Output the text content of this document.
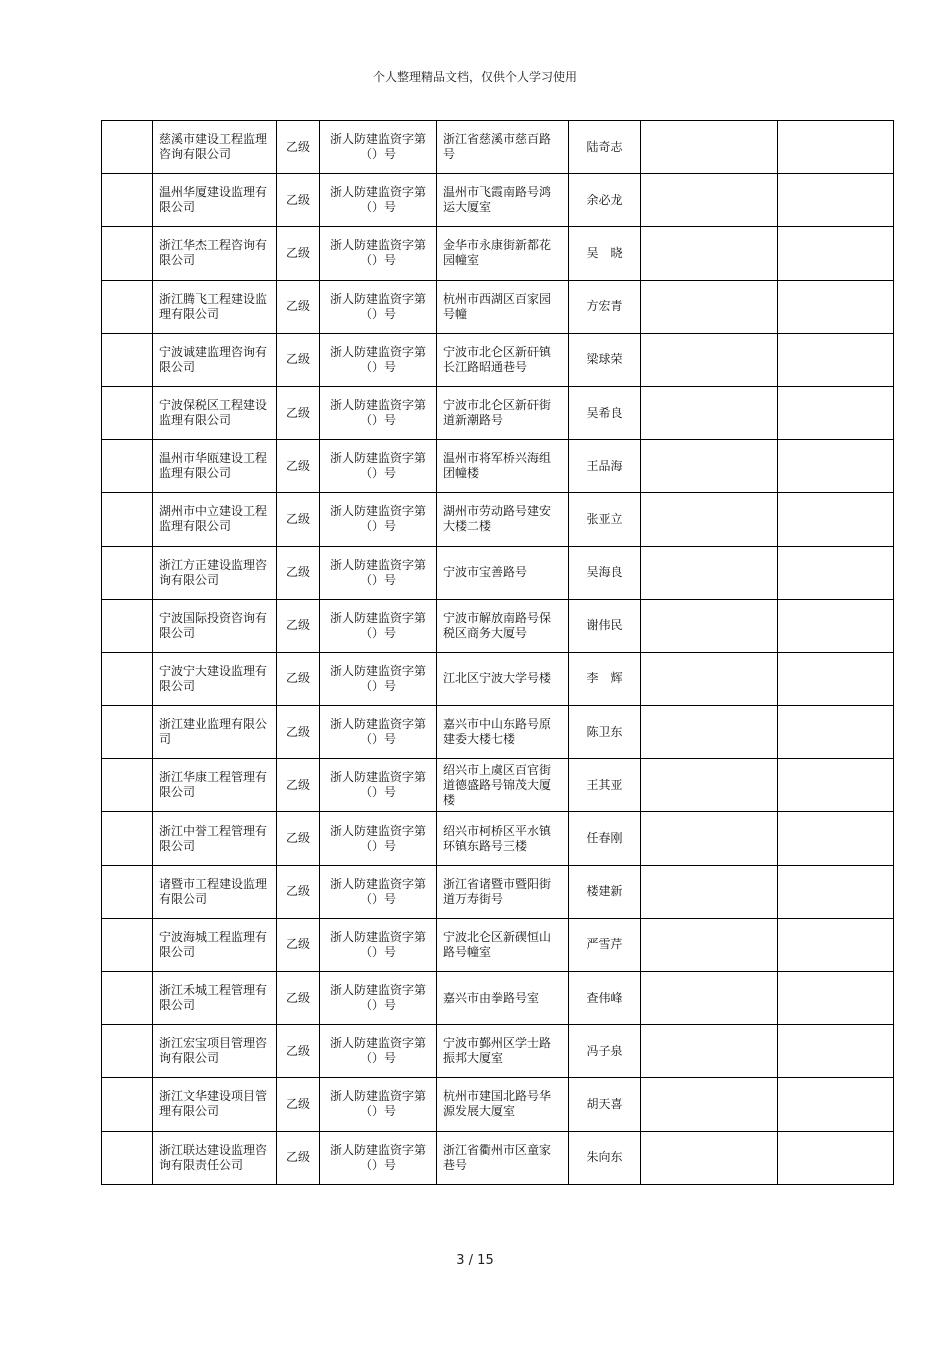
个人整理精品文档，仅供个人学习使用
	慈溪市建设工程监理咨询有限公司	乙级	浙人防建监资字第（）号	浙江省慈溪市慈百路号	陆奇志		
	温州华厦建设监理有限公司	乙级	浙人防建监资字第（）号	温州市飞霞南路号鸿运大厦室	余必龙		
	浙江华杰工程咨询有限公司	乙级	浙人防建监资字第（）号	金华市永康街新都花园幢室	吴　晓		
	浙江腾飞工程建设监理有限公司	乙级	浙人防建监资字第（）号	杭州市西湖区百家园号幢	方宏青		
	宁波诚建监理咨询有限公司	乙级	浙人防建监资字第（）号	宁波市北仑区新矸镇长江路昭通巷号	梁球荣		
	宁波保税区工程建设监理有限公司	乙级	浙人防建监资字第（）号	宁波市北仑区新矸街道新潮路号	吴希良		
	温州市华瓯建设工程监理有限公司	乙级	浙人防建监资字第（）号	温州市将军桥兴海组团幢楼	王品海		
	湖州市中立建设工程监理有限公司	乙级	浙人防建监资字第（）号	湖州市劳动路号建安大楼二楼	张亚立		
	浙江方正建设监理咨询有限公司	乙级	浙人防建监资字第（）号	宁波市宝善路号	吴海良		
	宁波国际投资咨询有限公司	乙级	浙人防建监资字第（）号	宁波市解放南路号保税区商务大厦号	谢伟民		
	宁波宁大建设监理有限公司	乙级	浙人防建监资字第（）号	江北区宁波大学号楼	李　辉		
	浙江建业监理有限公司	乙级	浙人防建监资字第（）号	嘉兴市中山东路号原建委大楼七楼	陈卫东		
	浙江华康工程管理有限公司	乙级	浙人防建监资字第（）号	绍兴市上虞区百官街道德盛路号锦茂大厦楼	王其亚		
	浙江中誉工程管理有限公司	乙级	浙人防建监资字第（）号	绍兴市柯桥区平水镇环镇东路号三楼	任春刚		
	诸暨市工程建设监理有限公司	乙级	浙人防建监资字第（）号	浙江省诸暨市暨阳街道万寿街号	楼建新		
	宁波海城工程监理有限公司	乙级	浙人防建监资字第（）号	宁波北仑区新碶恒山路号幢室	严雪芹		
	浙江禾城工程管理有限公司	乙级	浙人防建监资字第（）号	嘉兴市由拳路号室	查伟峰		
	浙江宏宝项目管理咨询有限公司	乙级	浙人防建监资字第（）号	宁波市鄞州区学士路振邦大厦室	冯子泉		
	浙江文华建设项目管理有限公司	乙级	浙人防建监资字第（）号	杭州市建国北路号华源发展大厦室	胡天喜		
	浙江联达建设监理咨询有限责任公司	乙级	浙人防建监资字第（）号	浙江省衢州市区童家巷号	朱向东		
3 / 15
